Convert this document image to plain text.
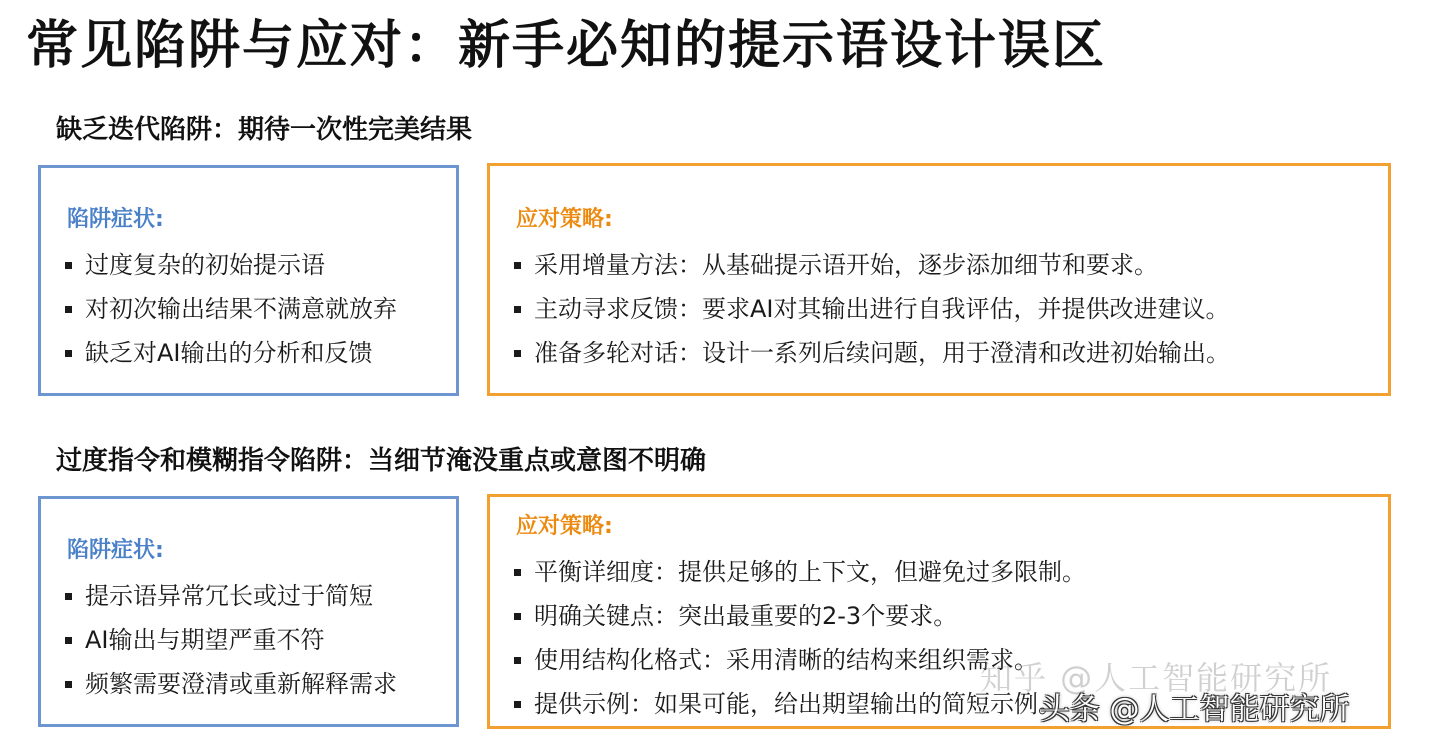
常见陷阱与应对：新手必知的提示语设计误区
缺乏迭代陷阱：期待一次性完美结果
陷阱症状:
过度复杂的初始提示语
对初次输出结果不满意就放弃
缺乏对AI输出的分析和反馈
应对策略:
采用增量方法：从基础提示语开始，逐步添加细节和要求。
主动寻求反馈：要求AI对其输出进行自我评估，并提供改进建议。
准备多轮对话：设计一系列后续问题，用于澄清和改进初始输出。
过度指令和模糊指令陷阱：当细节淹没重点或意图不明确
陷阱症状:
提示语异常冗长或过于简短
AI输出与期望严重不符
频繁需要澄清或重新解释需求
应对策略:
平衡详细度：提供足够的上下文，但避免过多限制。
明确关键点：突出最重要的2-3个要求。
使用结构化格式：采用清晰的结构来组织需求。
提供示例：如果可能，给出期望输出的简短示例。
知乎 @人工智能研究所
头条 @人工智能研究所
